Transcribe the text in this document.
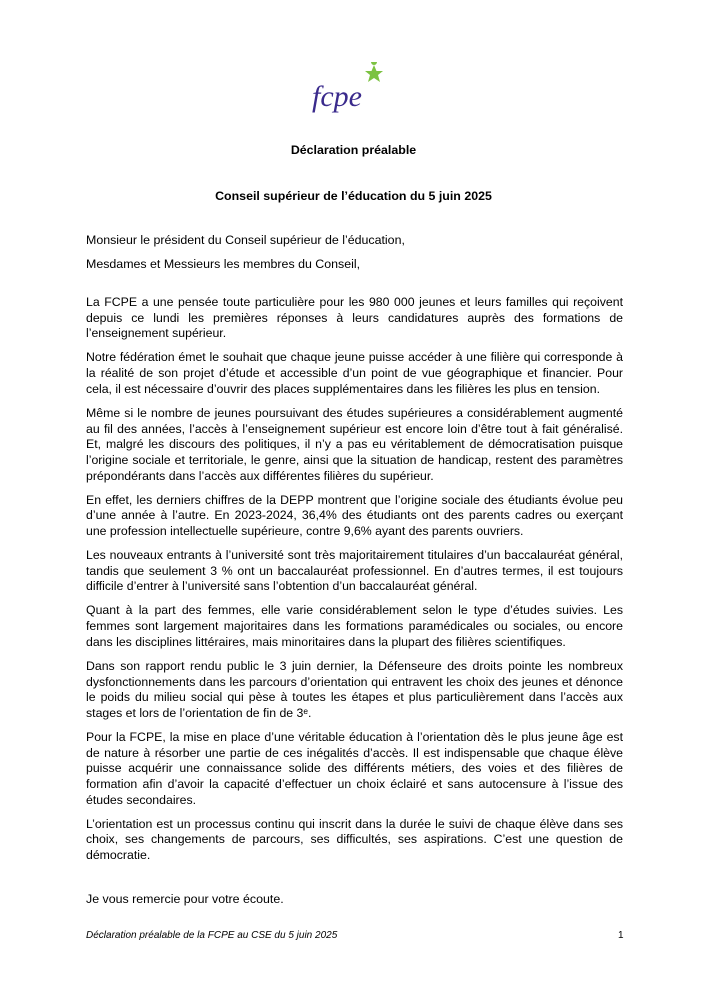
fcpe
Déclaration préalable
Conseil supérieur de l’éducation du 5 juin 2025
Monsieur le président du Conseil supérieur de l’éducation,
Mesdames et Messieurs les membres du Conseil,

La FCPE a une pensée toute particulière pour les 980 000 jeunes et leurs familles qui reçoivent depuis ce lundi les premières réponses à leurs candidatures auprès des formations de l’enseignement supérieur.

Notre fédération émet le souhait que chaque jeune puisse accéder à une filière qui corresponde à la réalité de son projet d’étude et accessible d’un point de vue géographique et financier. Pour cela, il est nécessaire d’ouvrir des places supplémentaires dans les filières les plus en tension.

Même si le nombre de jeunes poursuivant des études supérieures a considérablement augmenté au fil des années, l’accès à l’enseignement supérieur est encore loin d’être tout à fait généralisé. Et, malgré les discours des politiques, il n’y a pas eu véritablement de démocratisation puisque l’origine sociale et territoriale, le genre, ainsi que la situation de handicap, restent des paramètres prépondérants dans l’accès aux différentes filières du supérieur.

En effet, les derniers chiffres de la DEPP montrent que l’origine sociale des étudiants évolue peu d’une année à l’autre. En 2023-2024, 36,4% des étudiants ont des parents cadres ou exerçant une profession intellectuelle supérieure, contre 9,6% ayant des parents ouvriers.

Les nouveaux entrants à l’université sont très majoritairement titulaires d’un baccalauréat général, tandis que seulement 3 % ont un baccalauréat professionnel. En d’autres termes, il est toujours difficile d’entrer à l’université sans l’obtention d’un baccalauréat général.

Quant à la part des femmes, elle varie considérablement selon le type d’études suivies. Les femmes sont largement majoritaires dans les formations paramédicales ou sociales, ou encore dans les disciplines littéraires, mais minoritaires dans la plupart des filières scientifiques.

Dans son rapport rendu public le 3 juin dernier, la Défenseure des droits pointe les nombreux dysfonctionnements dans les parcours d’orientation qui entravent les choix des jeunes et dénonce le poids du milieu social qui pèse à toutes les étapes et plus particulièrement dans l’accès aux stages et lors de l’orientation de fin de 3ᵉ.

Pour la FCPE, la mise en place d’une véritable éducation à l’orientation dès le plus jeune âge est de nature à résorber une partie de ces inégalités d’accès. Il est indispensable que chaque élève puisse acquérir une connaissance solide des différents métiers, des voies et des filières de formation afin d’avoir la capacité d’effectuer un choix éclairé et sans autocensure à l’issue des études secondaires.

L’orientation est un processus continu qui inscrit dans la durée le suivi de chaque élève dans ses choix, ses changements de parcours, ses difficultés, ses aspirations. C’est une question de démocratie.

Je vous remercie pour votre écoute.
Déclaration préalable de la FCPE au CSE du 5 juin 2025	1
